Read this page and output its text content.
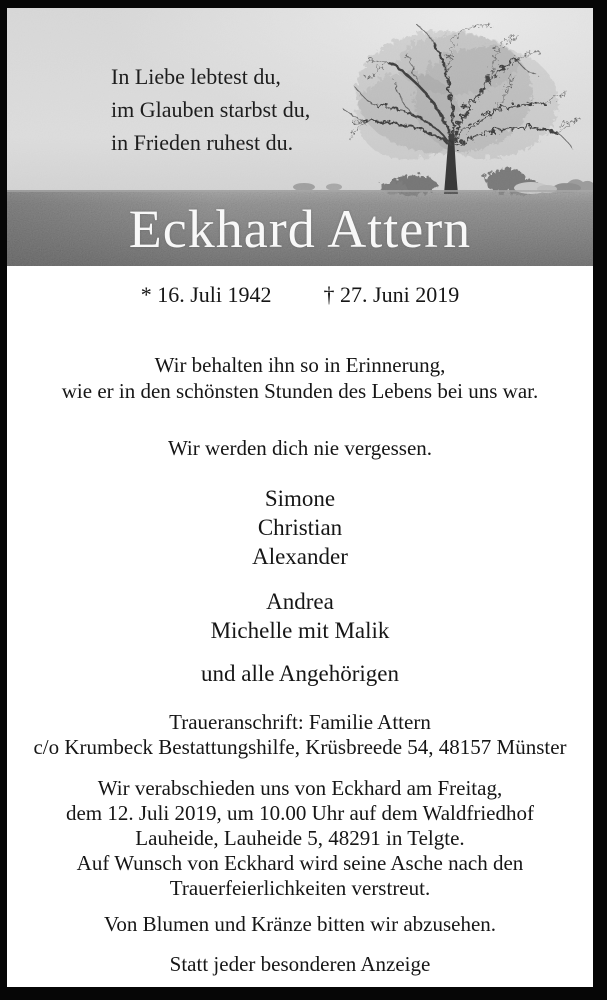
In Liebe lebtest du,
im Glauben starbst du,
in Frieden ruhest du.
Eckhard Attern
* 16. Juli 1942 † 27. Juni 2019
Wir behalten ihn so in Erinnerung,
wie er in den schönsten Stunden des Lebens bei uns war.
Wir werden dich nie vergessen.
Simone
Christian
Alexander
Andrea
Michelle mit Malik
und alle Angehörigen
Traueranschrift: Familie Attern
c/o Krumbeck Bestattungshilfe, Krüsbreede 54, 48157 Münster
Wir verabschieden uns von Eckhard am Freitag,
dem 12. Juli 2019, um 10.00 Uhr auf dem Waldfriedhof
Lauheide, Lauheide 5, 48291 in Telgte.
Auf Wunsch von Eckhard wird seine Asche nach den
Trauerfeierlichkeiten verstreut.
Von Blumen und Kränze bitten wir abzusehen.
Statt jeder besonderen Anzeige
